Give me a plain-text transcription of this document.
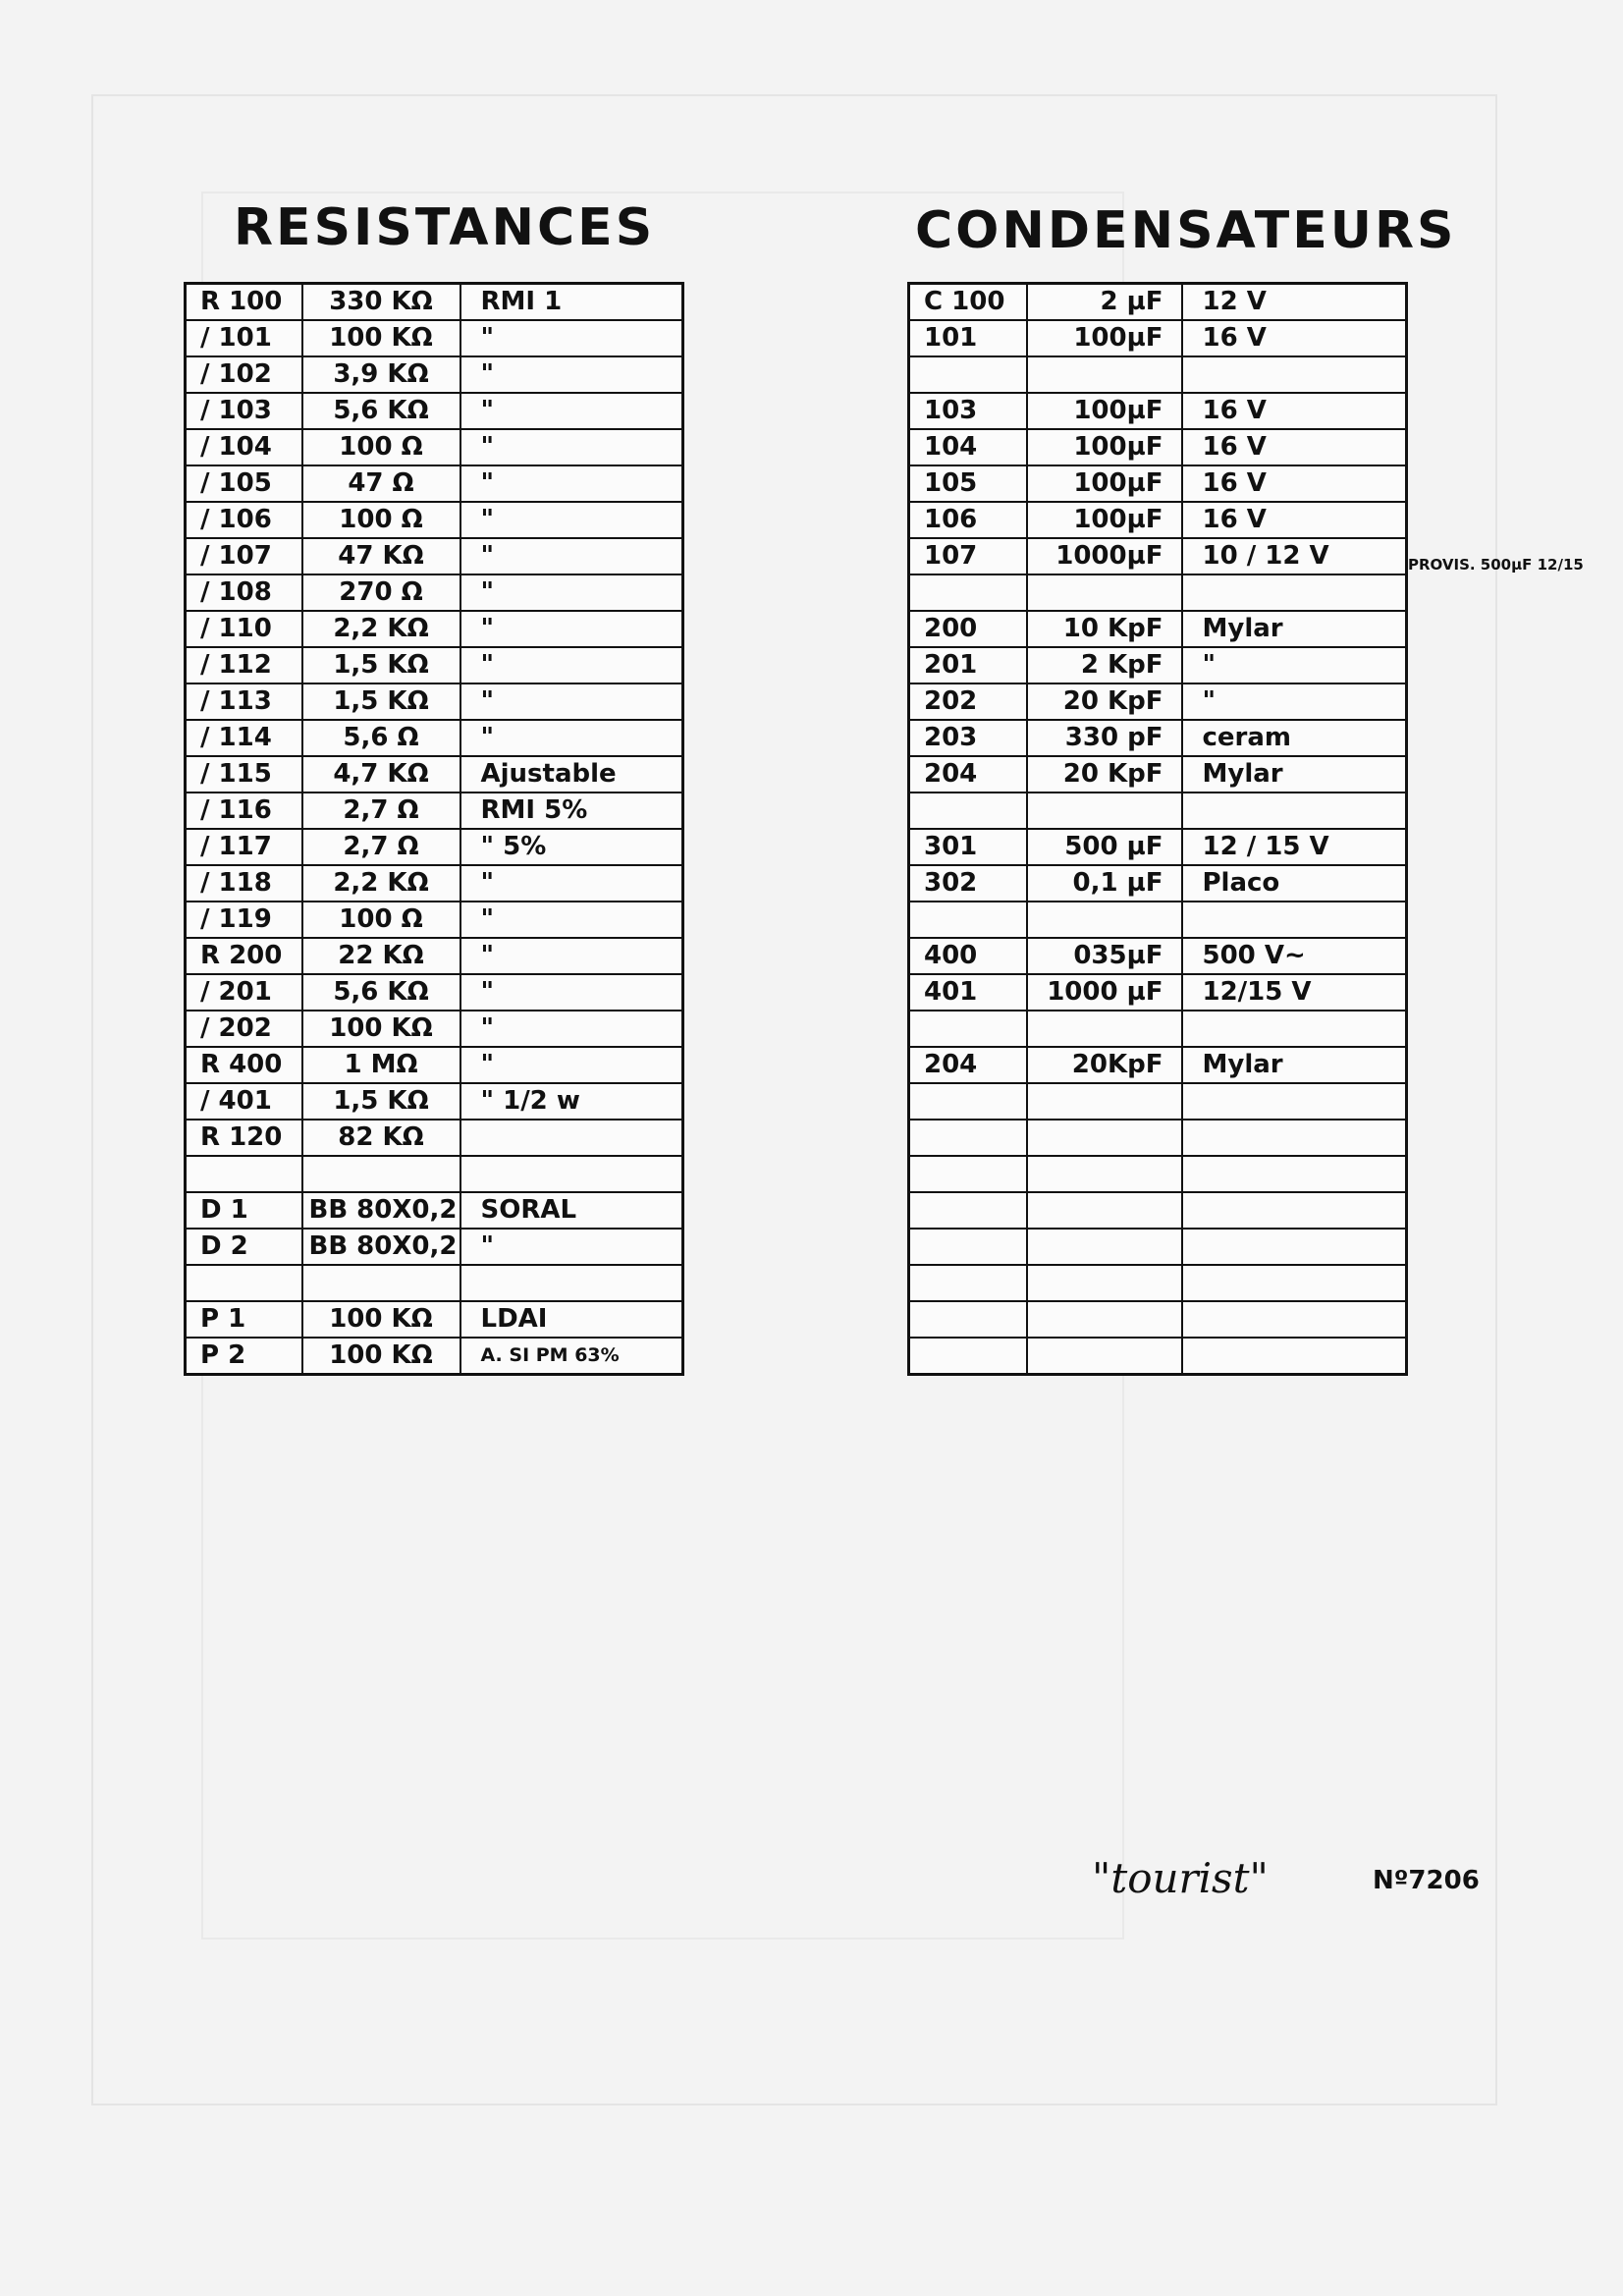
RESISTANCES	CONDENSATEURS
R 100	330 KΩ	RMI 1
/ 101	100 KΩ	"
/ 102	3,9 KΩ	"
/ 103	5,6 KΩ	"
/ 104	100 Ω	"
/ 105	47 Ω	"
/ 106	100 Ω	"
/ 107	47 KΩ	"
/ 108	270 Ω	"
/ 110	2,2 KΩ	"
/ 112	1,5 KΩ	"
/ 113	1,5 KΩ	"
/ 114	5,6 Ω	"
/ 115	4,7 KΩ	Ajustable
/ 116	2,7 Ω	RMI 5%
/ 117	2,7 Ω	" 5%
/ 118	2,2 KΩ	"
/ 119	100 Ω	"
R 200	22 KΩ	"
/ 201	5,6 KΩ	"
/ 202	100 KΩ	"
R 400	1 MΩ	"
/ 401	1,5 KΩ	" 1/2 w
R 120	82 KΩ	

D 1	BB 80X0,2	SORAL
D 2	BB 80X0,2	"

P 1	100 KΩ	LDAI
P 2	100 KΩ	A. SI PM 63%
C 100	2 µF	12 V
101	100µF	16 V

103	100µF	16 V
104	100µF	16 V
105	100µF	16 V
106	100µF	16 V
107	1000µF	10 / 12 V

200	10 KpF	Mylar
201	2 KpF	"
202	20 KpF	"
203	330 pF	ceram
204	20 KpF	Mylar

301	500 µF	12 / 15 V
302	0,1 µF	Placo

400	035µF	500 V~
401	1000 µF	12/15 V

204	20KpF	Mylar

PROVIS. 500µF 12/15
"tourist"	Nº7206
